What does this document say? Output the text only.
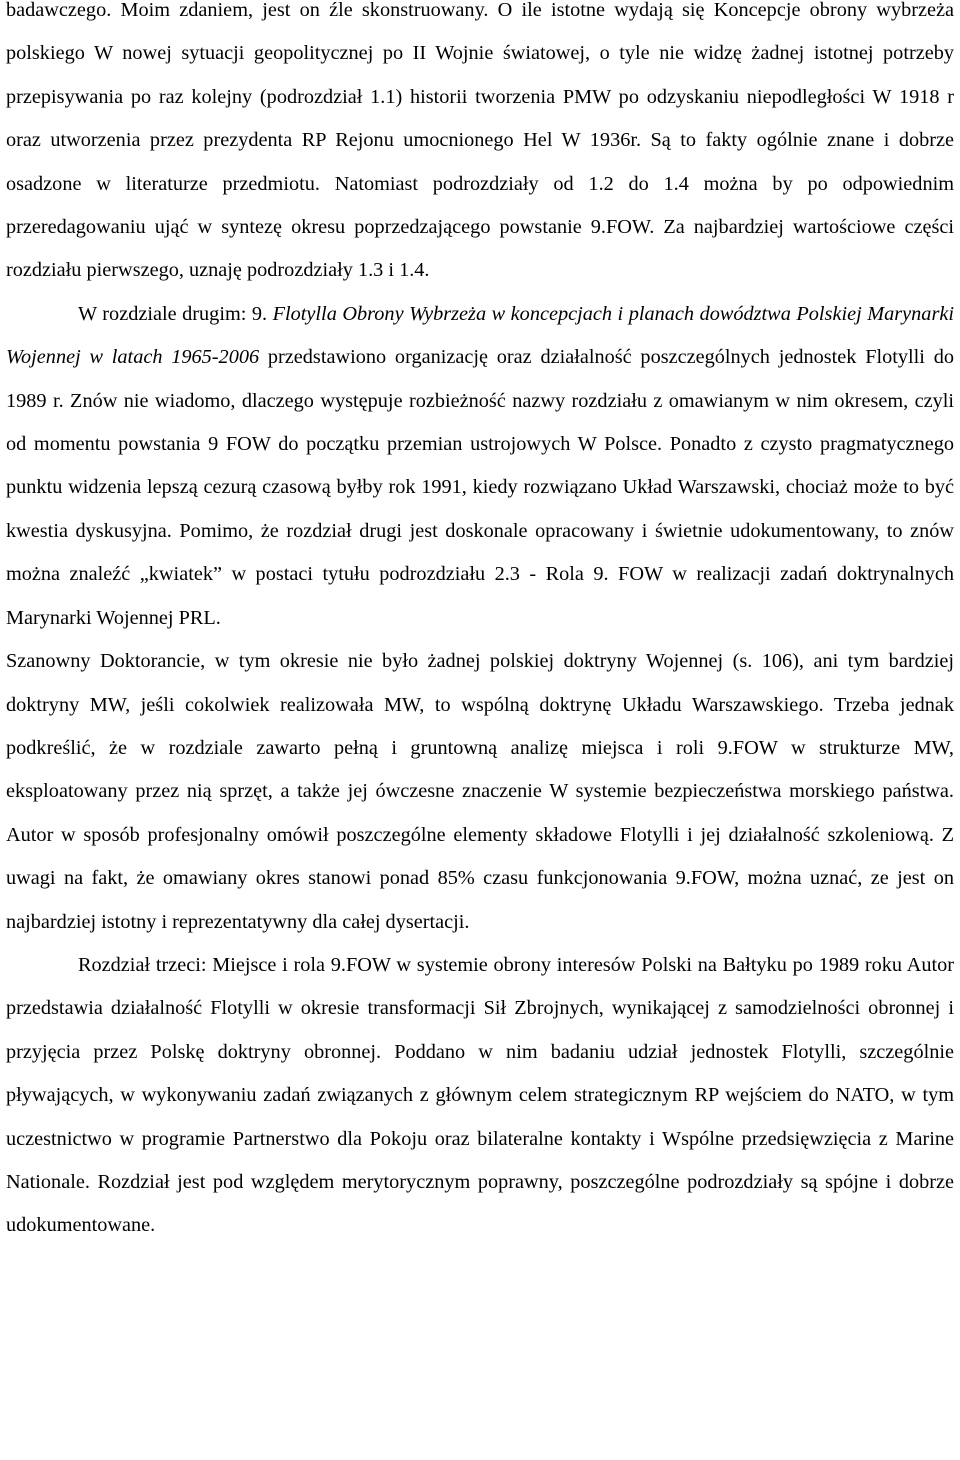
badawczego. Moim zdaniem, jest on źle skonstruowany. O ile istotne wydają się Koncepcje obrony wybrzeża polskiego W nowej sytuacji geopolitycznej po II Wojnie światowej, o tyle nie widzę żadnej istotnej potrzeby przepisywania po raz kolejny (podrozdział 1.1) historii tworzenia PMW po odzyskaniu niepodległości W 1918 r oraz utworzenia przez prezydenta RP Rejonu umocnionego Hel W 1936r. Są to fakty ogólnie znane i dobrze osadzone w literaturze przedmiotu. Natomiast podrozdziały od 1.2 do 1.4 można by po odpowiednim przeredagowaniu ująć w syntezę okresu poprzedzającego powstanie 9.FOW. Za najbardziej wartościowe części rozdziału pierwszego, uznaję podrozdziały 1.3 i 1.4.

W rozdziale drugim: 9. Flotylla Obrony Wybrzeża w koncepcjach i planach dowództwa Polskiej Marynarki Wojennej w latach 1965-2006 przedstawiono organizację oraz działalność poszczególnych jednostek Flotylli do 1989 r. Znów nie wiadomo, dlaczego występuje rozbieżność nazwy rozdziału z omawianym w nim okresem, czyli od momentu powstania 9 FOW do początku przemian ustrojowych W Polsce. Ponadto z czysto pragmatycznego punktu widzenia lepszą cezurą czasową byłby rok 1991, kiedy rozwiązano Układ Warszawski, chociaż może to być kwestia dyskusyjna. Pomimo, że rozdział drugi jest doskonale opracowany i świetnie udokumentowany, to znów można znaleźć „kwiatek” w postaci tytułu podrozdziału 2.3 - Rola 9. FOW w realizacji zadań doktrynalnych Marynarki Wojennej PRL.

Szanowny Doktorancie, w tym okresie nie było żadnej polskiej doktryny Wojennej (s. 106), ani tym bardziej doktryny MW, jeśli cokolwiek realizowała MW, to wspólną doktrynę Układu Warszawskiego. Trzeba jednak podkreślić, że w rozdziale zawarto pełną i gruntowną analizę miejsca i roli 9.FOW w strukturze MW, eksploatowany przez nią sprzęt, a także jej ówczesne znaczenie W systemie bezpieczeństwa morskiego państwa. Autor w sposób profesjonalny omówił poszczególne elementy składowe Flotylli i jej działalność szkoleniową. Z uwagi na fakt, że omawiany okres stanowi ponad 85% czasu funkcjonowania 9.FOW, można uznać, ze jest on najbardziej istotny i reprezentatywny dla całej dysertacji.

Rozdział trzeci: Miejsce i rola 9.FOW w systemie obrony interesów Polski na Bałtyku po 1989 roku Autor przedstawia działalność Flotylli w okresie transformacji Sił Zbrojnych, wynikającej z samodzielności obronnej i przyjęcia przez Polskę doktryny obronnej. Poddano w nim badaniu udział jednostek Flotylli, szczególnie pływających, w wykonywaniu zadań związanych z głównym celem strategicznym RP wejściem do NATO, w tym uczestnictwo w programie Partnerstwo dla Pokoju oraz bilateralne kontakty i Wspólne przedsięwzięcia z Marine Nationale. Rozdział jest pod względem merytorycznym poprawny, poszczególne podrozdziały są spójne i dobrze udokumentowane.
